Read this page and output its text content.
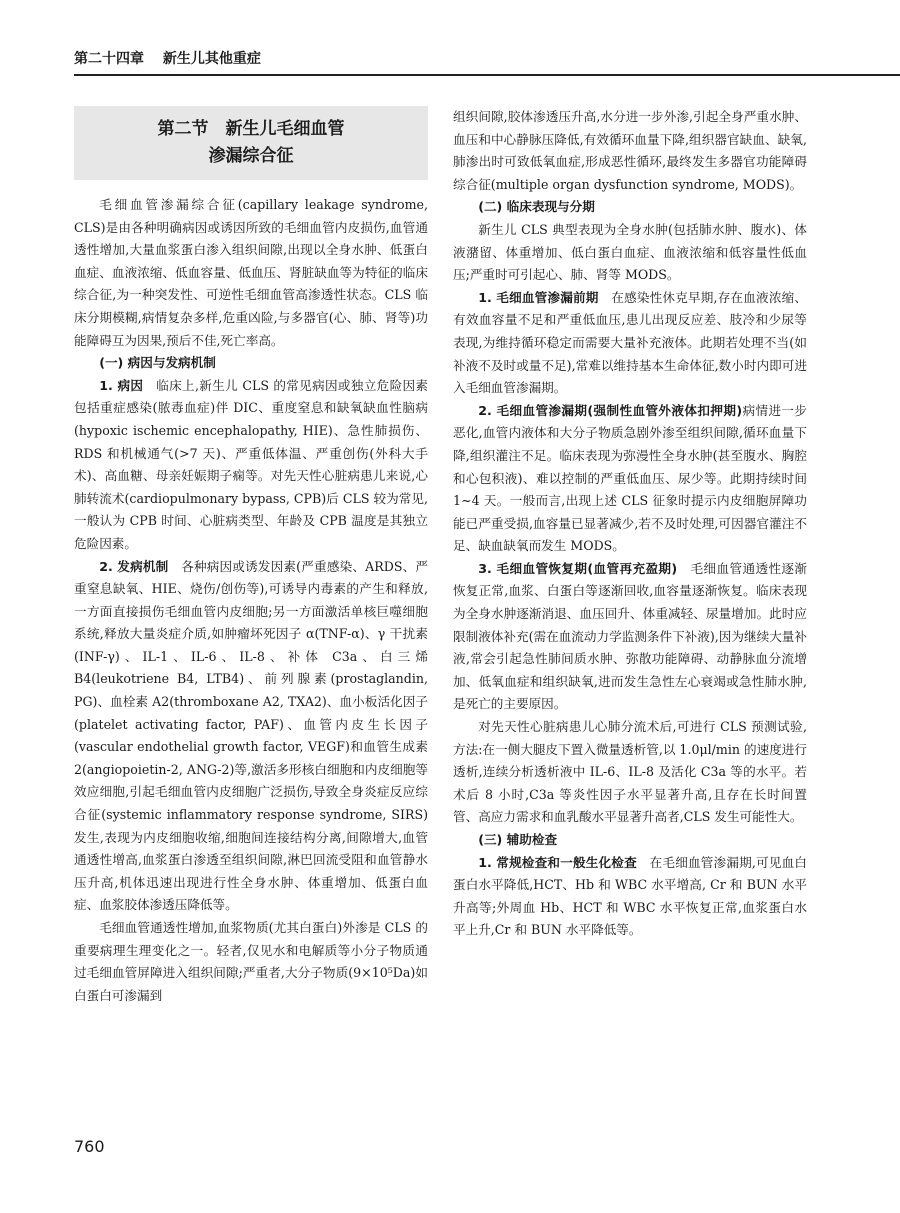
第二十四章 新生儿其他重症
第二节　新生儿毛细血管
渗漏综合征

毛细血管渗漏综合征(capillary leakage syndrome, CLS)是由各种明确病因或诱因所致的毛细血管内皮损伤,血管通透性增加,大量血浆蛋白渗入组织间隙,出现以全身水肿、低蛋白血症、血液浓缩、低血容量、低血压、肾脏缺血等为特征的临床综合征,为一种突发性、可逆性毛细血管高渗透性状态。CLS 临床分期模糊,病情复杂多样,危重凶险,与多器官(心、肺、肾等)功能障碍互为因果,预后不佳,死亡率高。

(一) 病因与发病机制

1. 病因　 临床上,新生儿 CLS 的常见病因或独立危险因素包括重症感染(脓毒血症)伴 DIC、重度窒息和缺氧缺血性脑病(hypoxic ischemic encephalopathy, HIE)、急性肺损伤、RDS 和机械通气(>7 天)、严重低体温、严重创伤(外科大手术)、高血糖、母亲妊娠期子痫等。对先天性心脏病患儿来说,心肺转流术(cardiopulmonary bypass, CPB)后 CLS 较为常见,一般认为 CPB 时间、心脏病类型、年龄及 CPB 温度是其独立危险因素。

2. 发病机制　 各种病因或诱发因素(严重感染、ARDS、严重窒息缺氧、HIE、烧伤/创伤等),可诱导内毒素的产生和释放,一方面直接损伤毛细血管内皮细胞;另一方面激活单核巨噬细胞系统,释放大量炎症介质,如肿瘤坏死因子 α(TNF-α)、γ 干扰素(INF-γ)、IL-1、IL-6、IL-8、补体 C3a、白三烯 B4(leukotriene B4, LTB4)、前列腺素(prostaglandin, PG)、血栓素 A2(thromboxane A2, TXA2)、血小板活化因子(platelet activating factor, PAF)、血管内皮生长因子(vascular endothelial growth factor, VEGF)和血管生成素 2(angiopoietin-2, ANG-2)等,激活多形核白细胞和内皮细胞等效应细胞,引起毛细血管内皮细胞广泛损伤,导致全身炎症反应综合征(systemic inflammatory response syndrome, SIRS)发生,表现为内皮细胞收缩,细胞间连接结构分离,间隙增大,血管通透性增高,血浆蛋白渗透至组织间隙,淋巴回流受阻和血管静水压升高,机体迅速出现进行性全身水肿、体重增加、低蛋白血症、血浆胶体渗透压降低等。

毛细血管通透性增加,血浆物质(尤其白蛋白)外渗是 CLS 的重要病理生理变化之一。轻者,仅见水和电解质等小分子物质通过毛细血管屏障进入组织间隙;严重者,大分子物质(9×10⁵Da)如白蛋白可渗漏到

组织间隙,胶体渗透压升高,水分进一步外渗,引起全身严重水肿、血压和中心静脉压降低,有效循环血量下降,组织器官缺血、缺氧,肺渗出时可致低氧血症,形成恶性循环,最终发生多器官功能障碍综合征(multiple organ dysfunction syndrome, MODS)。

(二) 临床表现与分期

新生儿 CLS 典型表现为全身水肿(包括肺水肿、腹水)、体液潴留、体重增加、低白蛋白血症、血液浓缩和低容量性低血压;严重时可引起心、肺、肾等 MODS。

1. 毛细血管渗漏前期　 在感染性休克早期,存在血液浓缩、有效血容量不足和严重低血压,患儿出现反应差、肢冷和少尿等表现,为维持循环稳定而需要大量补充液体。此期若处理不当(如补液不及时或量不足),常难以维持基本生命体征,数小时内即可进入毛细血管渗漏期。

2. 毛细血管渗漏期(强制性血管外液体扣押期)病情进一步恶化,血管内液体和大分子物质急剧外渗至组织间隙,循环血量下降,组织灌注不足。临床表现为弥漫性全身水肿(甚至腹水、胸腔和心包积液)、难以控制的严重低血压、尿少等。此期持续时间 1~4 天。一般而言,出现上述 CLS 征象时提示内皮细胞屏障功能已严重受损,血容量已显著减少,若不及时处理,可因器官灌注不足、缺血缺氧而发生 MODS。

3. 毛细血管恢复期(血管再充盈期)　 毛细血管通透性逐渐恢复正常,血浆、白蛋白等逐渐回收,血容量逐渐恢复。临床表现为全身水肿逐渐消退、血压回升、体重减轻、尿量增加。此时应限制液体补充(需在血流动力学监测条件下补液),因为继续大量补液,常会引起急性肺间质水肿、弥散功能障碍、动静脉血分流增加、低氧血症和组织缺氧,进而发生急性左心衰竭或急性肺水肿,是死亡的主要原因。

对先天性心脏病患儿心肺分流术后,可进行 CLS 预测试验,方法:在一侧大腿皮下置入微量透析管,以 1.0μl/min 的速度进行透析,连续分析透析液中 IL-6、IL-8 及活化 C3a 等的水平。若术后 8 小时,C3a 等炎性因子水平显著升高,且存在长时间置管、高应力需求和血乳酸水平显著升高者,CLS 发生可能性大。

(三) 辅助检查

1. 常规检查和一般生化检查　 在毛细血管渗漏期,可见血白蛋白水平降低,HCT、Hb 和 WBC 水平增高, Cr 和 BUN 水平升高等;外周血 Hb、HCT 和 WBC 水平恢复正常,血浆蛋白水平上升,Cr 和 BUN 水平降低等。

760
